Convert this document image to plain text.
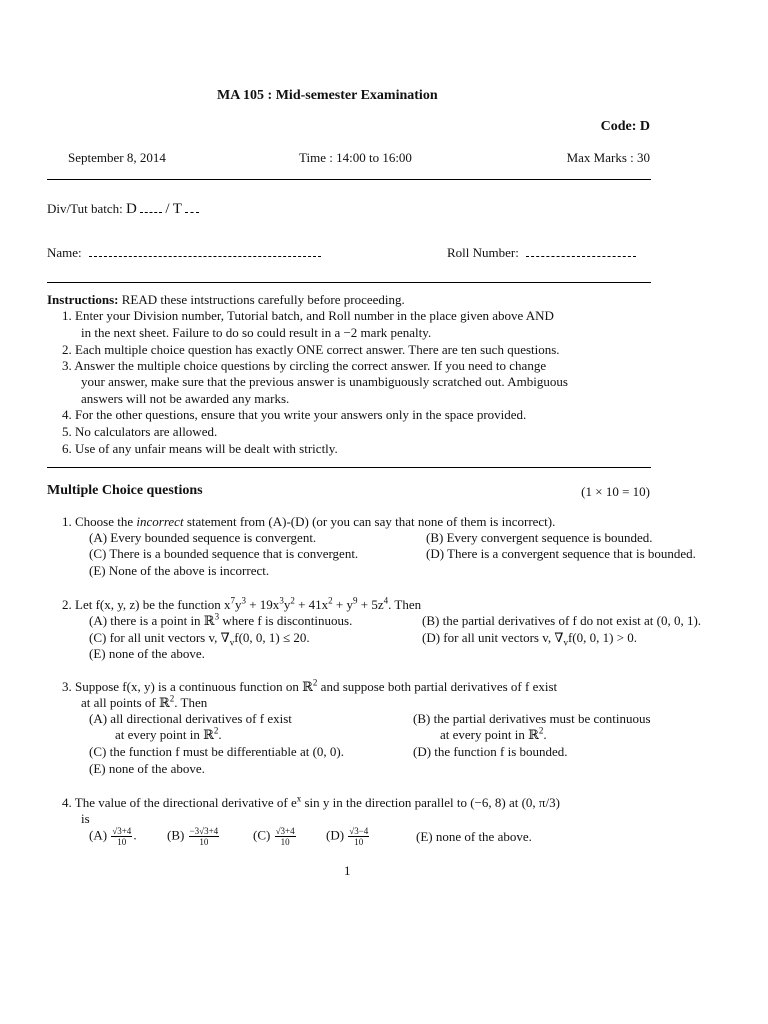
MA 105 : Mid-semester Examination
Code: D
September 8, 2014	Time : 14:00 to 16:00	Max Marks : 30
Div/Tut batch: D / T
Name:	Roll Number:
Instructions: READ these intstructions carefully before proceeding.
1. Enter your Division number, Tutorial batch, and Roll number in the place given above AND
in the next sheet. Failure to do so could result in a −2 mark penalty.
2. Each multiple choice question has exactly ONE correct answer. There are ten such questions.
3. Answer the multiple choice questions by circling the correct answer. If you need to change
your answer, make sure that the previous answer is unambiguously scratched out. Ambiguous
answers will not be awarded any marks.
4. For the other questions, ensure that you write your answers only in the space provided.
5. No calculators are allowed.
6. Use of any unfair means will be dealt with strictly.
Multiple Choice questions	(1 × 10 = 10)
1. Choose the incorrect statement from (A)-(D) (or you can say that none of them is incorrect).
(A) Every bounded sequence is convergent.	(B) Every convergent sequence is bounded.
(C) There is a bounded sequence that is convergent.	(D) There is a convergent sequence that is bounded.
(E) None of the above is incorrect.
2. Let f(x, y, z) be the function $x^7y^3 + 19x^3y^2 + 41x^2 + y^9 + 5z^4$. Then
(A) there is a point in ℝ$^3$ where f is discontinuous.	(B) the partial derivatives of f do not exist at (0, 0, 1).
(C) for all unit vectors v, $\nabla_vf(0$, 0, 1) ≤ 20.	(D) for all unit vectors v, $\nabla_vf(0$, 0, 1) > 0.
(E) none of the above.
3. Suppose f(x, y) is a continuous function on ℝ$^2$ and suppose both partial derivatives of f exist
at all points of ℝ$^2$. Then
(A) all directional derivatives of f exist
at every point in ℝ$^2$.
(B) the partial derivatives must be continuous
at every point in ℝ$^2$.
(C) the function f must be differentiable at (0, 0).	(D) the function f is bounded.
(E) none of the above.
4. The value of the directional derivative of $e^x$ sin y in the direction parallel to (−6, 8) at (0, π/3)
is
$(A) \frac{√3+4}{10}$ . $(B) \frac{-3√3+4}{10}$	$(C) \frac{√3+4}{10} (D) \frac{√3-4}{10}$	(E) none of the above.
1
